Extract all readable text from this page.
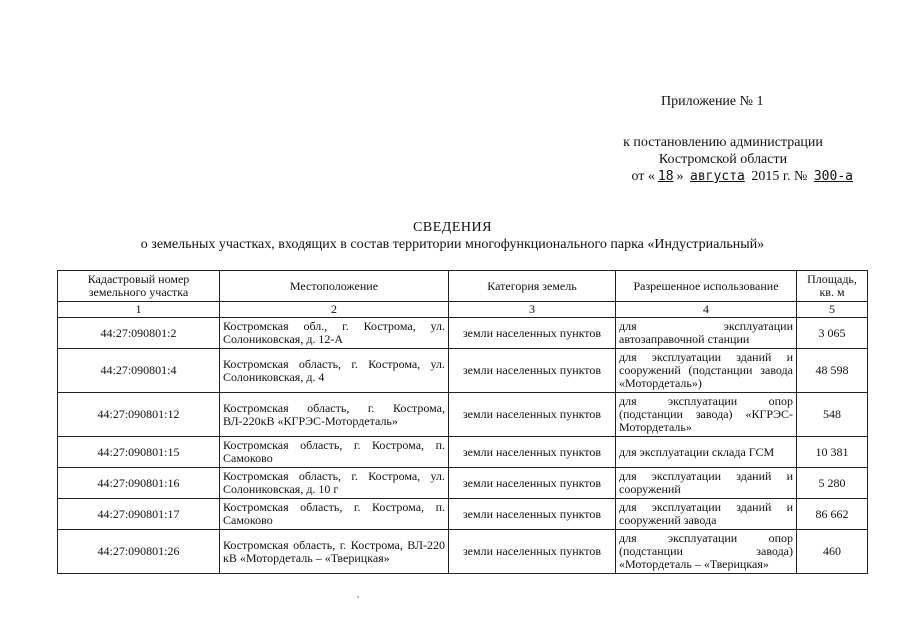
Приложение № 1
к постановлению администрации
Костромской области
от « 18 » августа 2015 г. № 300-а
СВЕДЕНИЯ
о земельных участках, входящих в состав территории многофункционального парка «Индустриальный»
Кадастровый номер земельного участка	Местоположение	Категория земель	Разрешенное использование	Площадь, кв. м
1	2	3	4	5
44:27:090801:2	Костромская обл., г. Кострома, ул. Солониковская, д. 12-А	земли населенных пунктов	для эксплуатации автозаправочной станции	3 065
44:27:090801:4	Костромская область, г. Кострома, ул. Солониковская, д. 4	земли населенных пунктов	для эксплуатации зданий и сооружений (подстанции завода «Мотордеталь»)	48 598
44:27:090801:12	Костромская область, г. Кострома, ВЛ-220кВ «КГРЭС-Мотордеталь»	земли населенных пунктов	для эксплуатации опор (подстанции завода) «КГРЭС-Мотордеталь»	548
44:27:090801:15	Костромская область, г. Кострома, п. Самоково	земли населенных пунктов	для эксплуатации склада ГСМ	10 381
44:27:090801:16	Костромская область, г. Кострома, ул. Солониковская, д. 10 г	земли населенных пунктов	для эксплуатации зданий и сооружений	5 280
44:27:090801:17	Костромская область, г. Кострома, п. Самоково	земли населенных пунктов	для эксплуатации зданий и сооружений завода	86 662
44:27:090801:26	Костромская область, г. Кострома, ВЛ-220 кВ «Мотордеталь – «Тверицкая»	земли населенных пунктов	для эксплуатации опор (подстанции завода) «Мотордеталь – «Тверицкая»	460
